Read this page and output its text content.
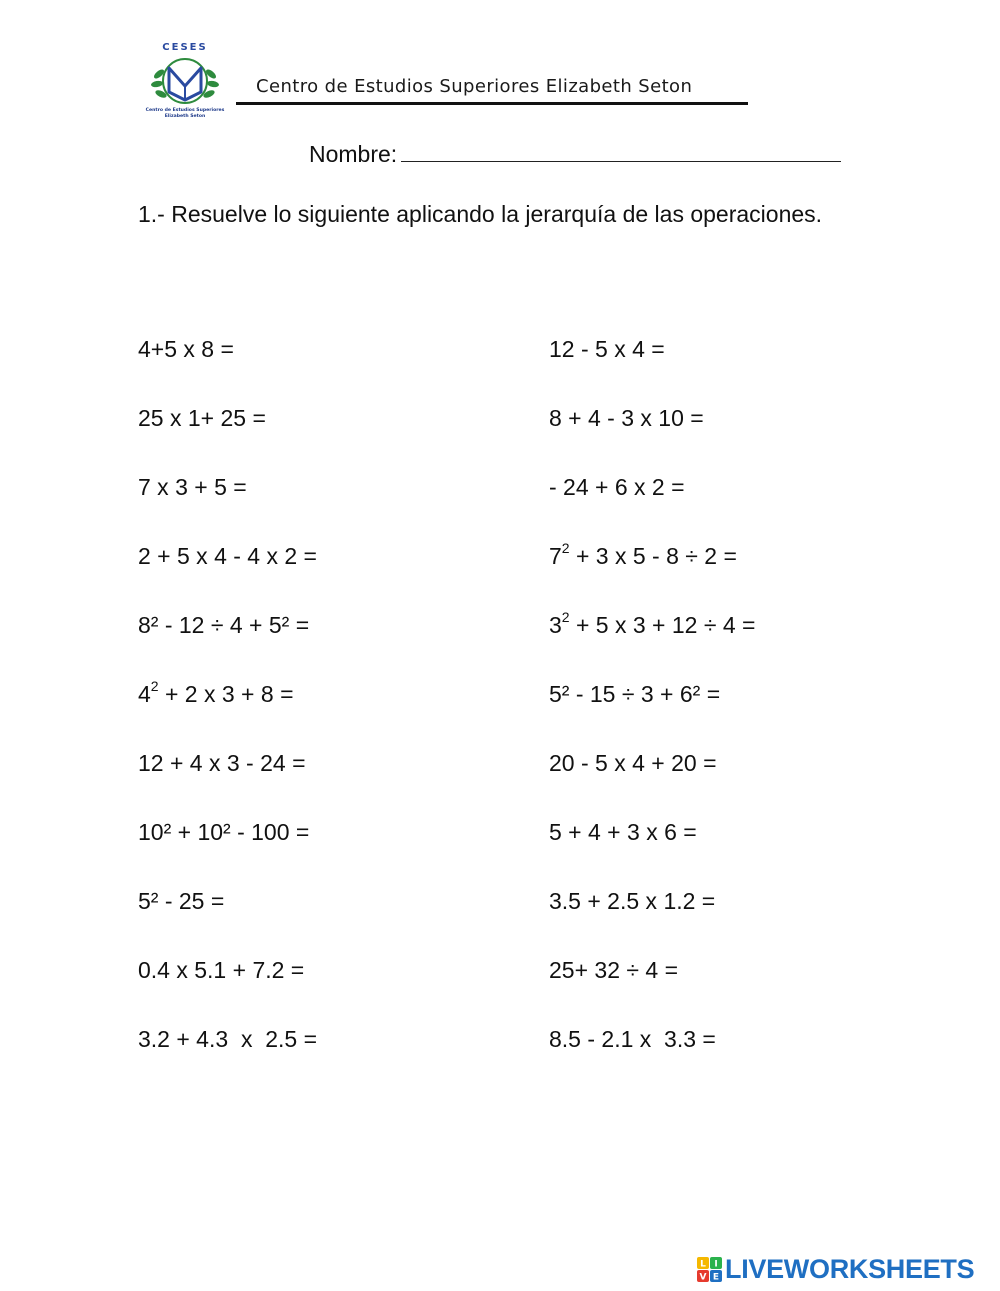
CESES
Centro de Estudios Superiores
Elizabeth Seton
Centro de Estudios Superiores Elizabeth Seton
Nombre:
1.- Resuelve lo siguiente aplicando la jerarquía de las operaciones.
4+5 x 8 =
25 x 1+ 25 =
7 x 3 + 5 =
2 + 5 x 4 - 4 x 2 =
8² - 12 ÷ 4 + 5² =
$4^2 + 2$ x 3 + 8 =
12 + 4 x 3 - 24 =
10² + 10² - 100 =
5² - 25 =
0.4 x 5.1 + 7.2 =
3.2 + 4.3  x  2.5 =
12 - 5 x 4 =
8 + 4 - 3 x 10 =
- 24 + 6 x 2 =
$7^2 + 3$ x 5 - 8 ÷ 2 =
$3^2 + 5$ x 3 + 12 ÷ 4 =
5² - 15 ÷ 3 + 6² =
20 - 5 x 4 + 20 =
5 + 4 + 3 x 6 =
3.5 + 2.5 x 1.2 =
25+ 32 ÷ 4 =
8.5 - 2.1 x  3.3 =
L I
V E LIVEWORKSHEETS
